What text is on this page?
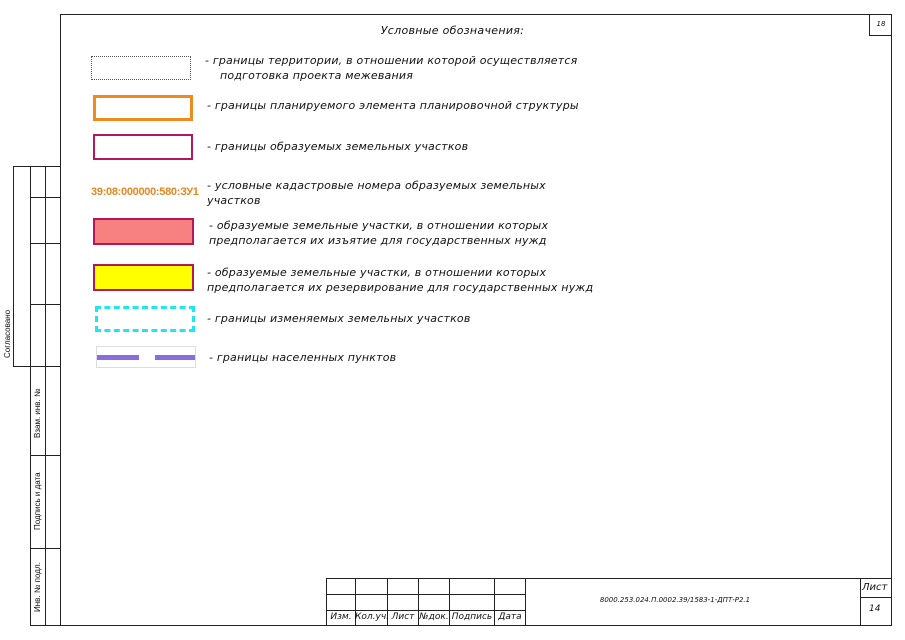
18
Условные обозначения:
39:08:000000:580:ЗУ1
- границы территории, в отношении которой осуществляется
подготовка проекта межевания
- границы планируемого элемента планировочной структуры
- границы образуемых земельных участков
- условные кадастровые номера образуемых земельных
участков
- образуемые земельные участки, в отношении которых
предполагается их изъятие для государственных нужд
- образуемые земельные участки, в отношении которых
предполагается их резервирование для государственных нужд
- границы изменяемых земельных участков
- границы населенных пунктов
Согласовано
Взам. инв. №
Подпись и дата
Инв. № подл.
Изм. Кол.уч. Лист №док. Подпись Дата
8000.253.024.П.0002.39/1583-1-ДПТ-Р2.1
Лист
14
